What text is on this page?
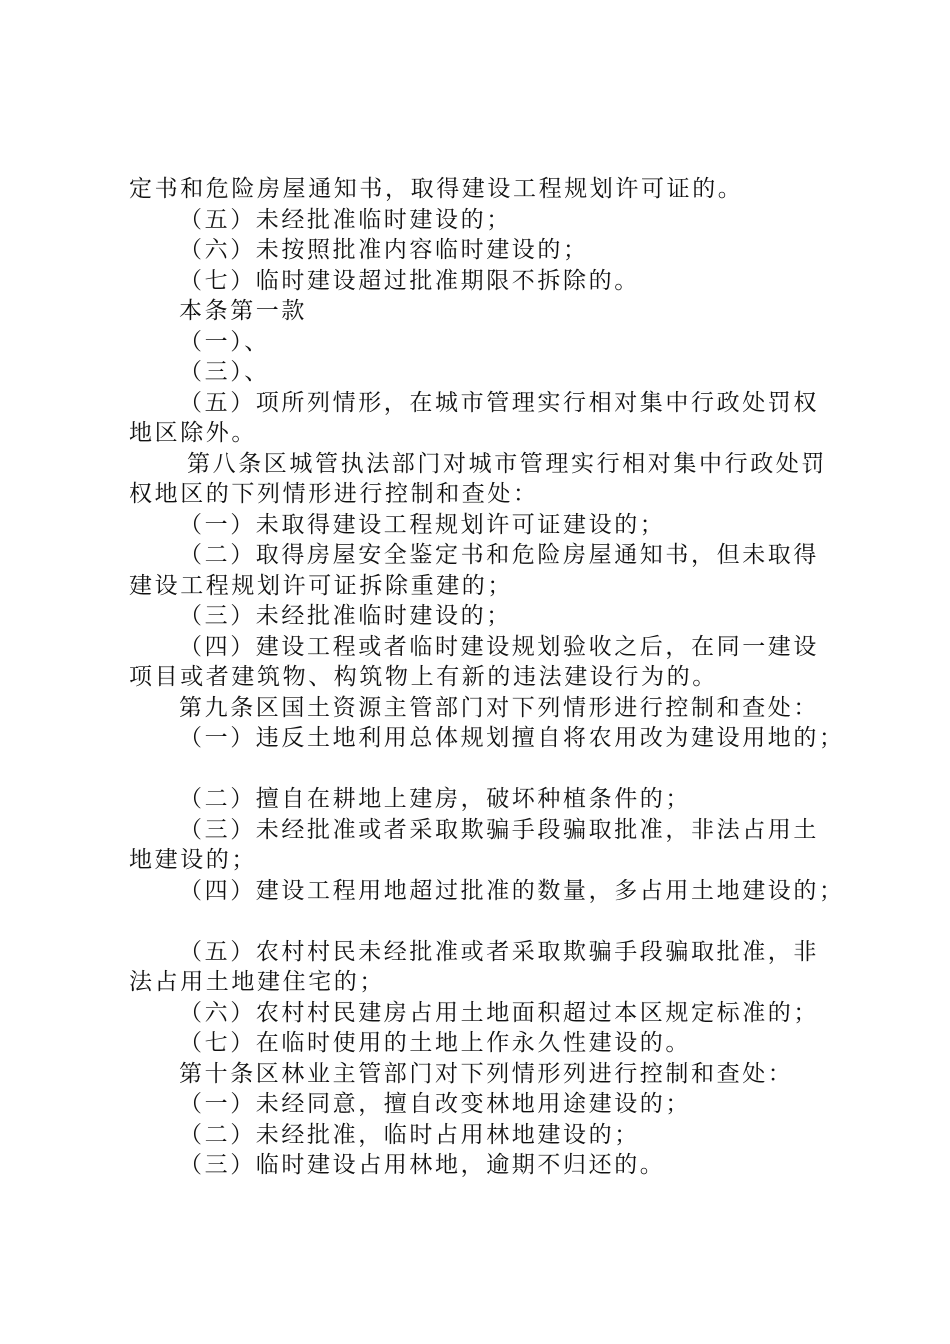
定书和危险房屋通知书，取得建设工程规划许可证的。
（五）未经批准临时建设的；
（六）未按照批准内容临时建设的；
（七）临时建设超过批准期限不拆除的。
本条第一款
（一）、
（三）、
（五）项所列情形，在城市管理实行相对集中行政处罚权
地区除外。
第八条区城管执法部门对城市管理实行相对集中行政处罚
权地区的下列情形进行控制和查处：
（一）未取得建设工程规划许可证建设的；
（二）取得房屋安全鉴定书和危险房屋通知书，但未取得
建设工程规划许可证拆除重建的；
（三）未经批准临时建设的；
（四）建设工程或者临时建设规划验收之后，在同一建设
项目或者建筑物、构筑物上有新的违法建设行为的。
第九条区国土资源主管部门对下列情形进行控制和查处：
（一）违反土地利用总体规划擅自将农用改为建设用地的；
（二）擅自在耕地上建房，破坏种植条件的；
（三）未经批准或者采取欺骗手段骗取批准，非法占用土
地建设的；
（四）建设工程用地超过批准的数量，多占用土地建设的；
（五）农村村民未经批准或者采取欺骗手段骗取批准，非
法占用土地建住宅的；
（六）农村村民建房占用土地面积超过本区规定标准的；
（七）在临时使用的土地上作永久性建设的。
第十条区林业主管部门对下列情形列进行控制和查处：
（一）未经同意，擅自改变林地用途建设的；
（二）未经批准，临时占用林地建设的；
（三）临时建设占用林地，逾期不归还的。
